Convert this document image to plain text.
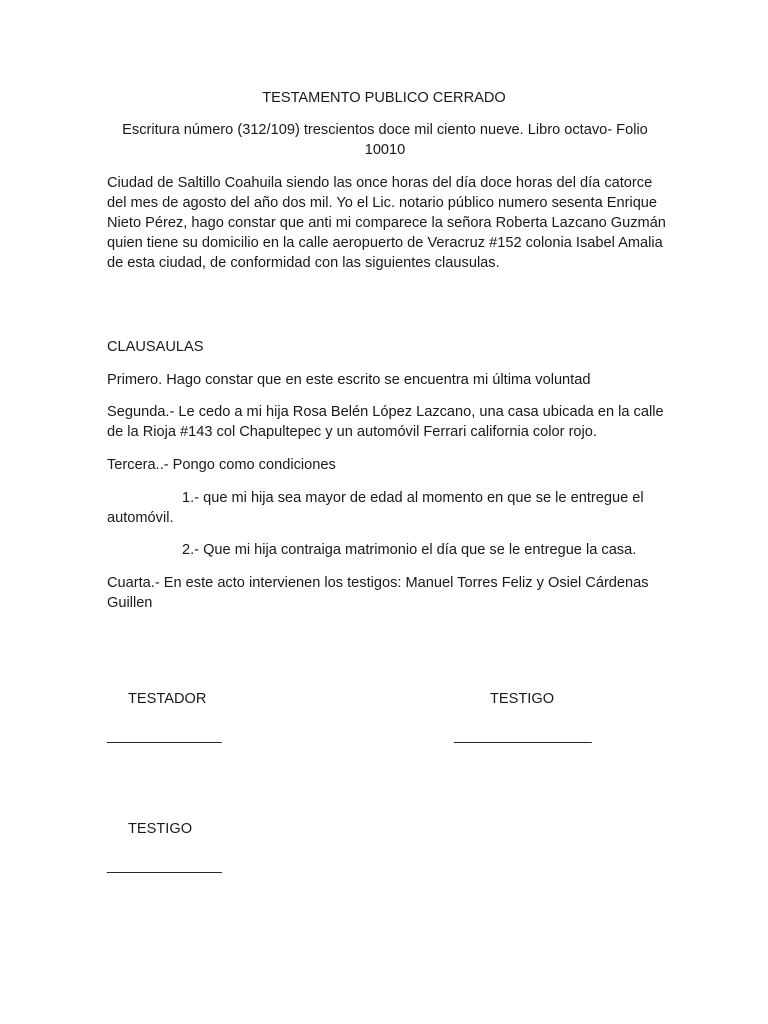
TESTAMENTO PUBLICO CERRADO

Escritura número (312/109) trescientos doce mil ciento nueve. Libro octavo- Folio 10010

Ciudad de Saltillo Coahuila siendo las once horas del día doce horas del día catorce del mes de agosto del año dos mil. Yo el Lic. notario público numero sesenta Enrique Nieto Pérez, hago constar que anti mi comparece la señora Roberta Lazcano Guzmán quien tiene su domicilio en la calle aeropuerto de Veracruz #152 colonia Isabel Amalia de esta ciudad, de conformidad con las siguientes clausulas.

CLAUSAULAS

Primero. Hago constar que en este escrito se encuentra mi última voluntad

Segunda.- Le cedo a mi hija Rosa Belén López Lazcano, una casa ubicada en la calle de la Rioja #143 col Chapultepec y un automóvil Ferrari california color rojo.

Tercera..- Pongo como condiciones

1.- que mi hija sea mayor de edad al momento en que se le entregue el automóvil.

2.- Que mi hija contraiga matrimonio el día que se le entregue la casa.

Cuarta.- En este acto intervienen los testigos: Manuel Torres Feliz y Osiel Cárdenas Guillen

TESTADOR

_______________

TESTIGO

__________________

TESTIGO

_______________
